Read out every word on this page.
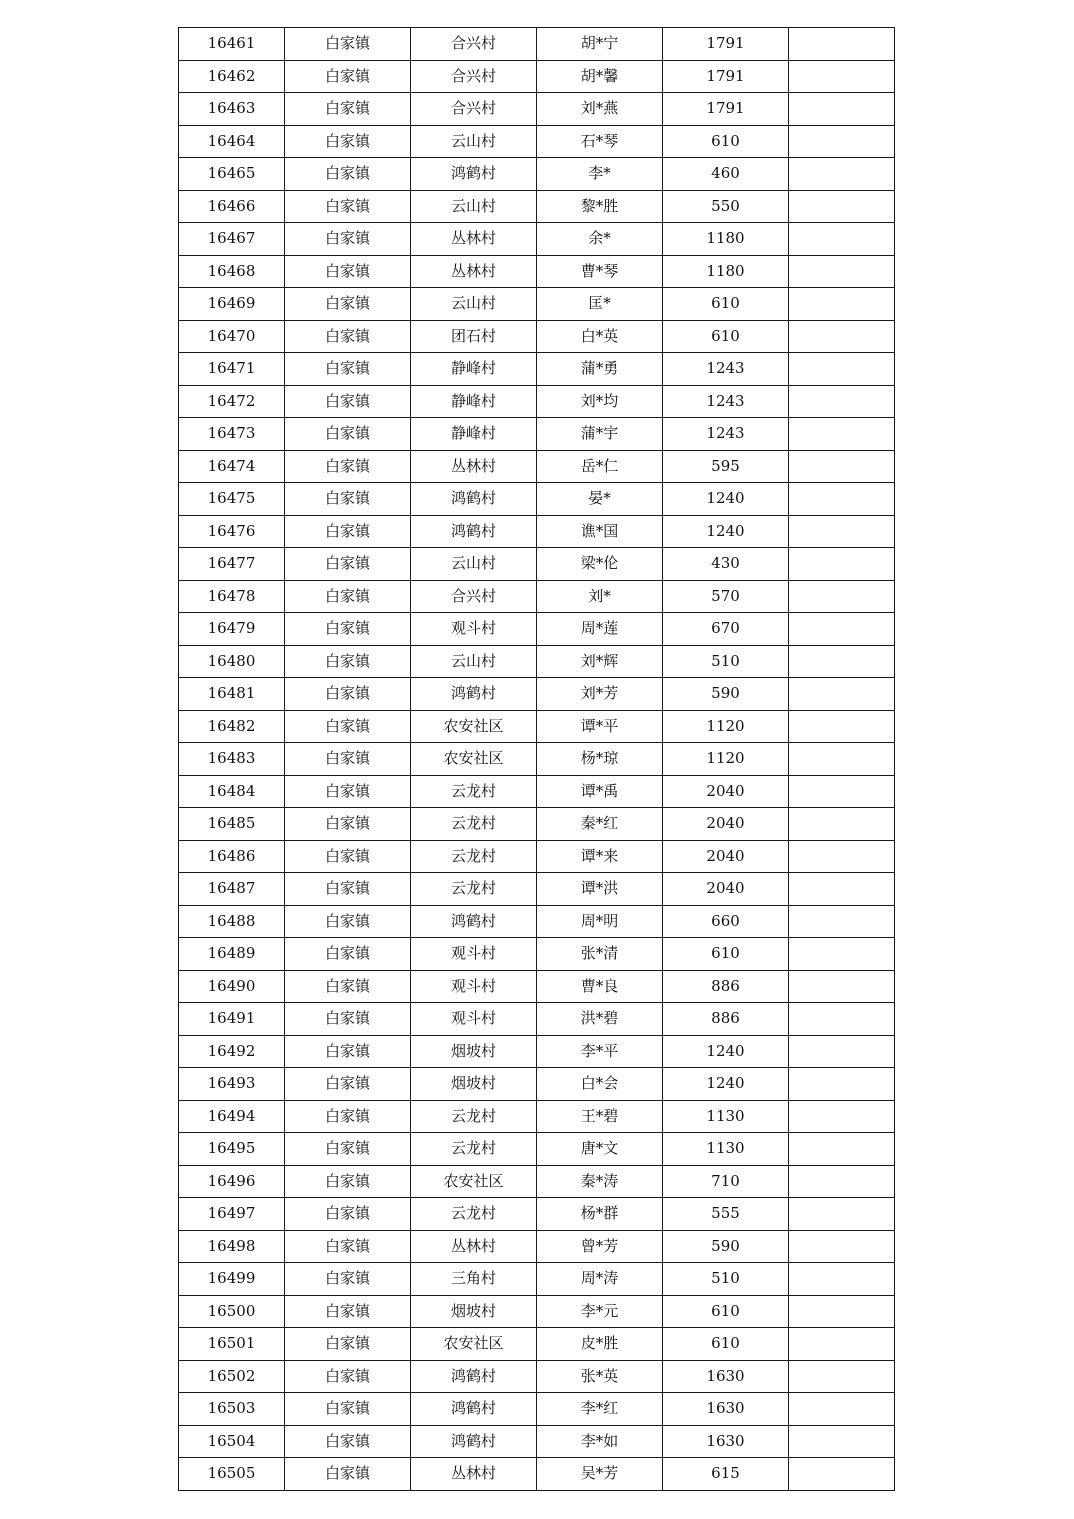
16461	白家镇	合兴村	胡*宁	1791	
16462	白家镇	合兴村	胡*馨	1791	
16463	白家镇	合兴村	刘*燕	1791	
16464	白家镇	云山村	石*琴	610	
16465	白家镇	鸿鹤村	李*	460	
16466	白家镇	云山村	黎*胜	550	
16467	白家镇	丛林村	余*	1180	
16468	白家镇	丛林村	曹*琴	1180	
16469	白家镇	云山村	匡*	610	
16470	白家镇	团石村	白*英	610	
16471	白家镇	静峰村	蒲*勇	1243	
16472	白家镇	静峰村	刘*均	1243	
16473	白家镇	静峰村	蒲*宇	1243	
16474	白家镇	丛林村	岳*仁	595	
16475	白家镇	鸿鹤村	晏*	1240	
16476	白家镇	鸿鹤村	谯*国	1240	
16477	白家镇	云山村	梁*伦	430	
16478	白家镇	合兴村	刘*	570	
16479	白家镇	观斗村	周*莲	670	
16480	白家镇	云山村	刘*辉	510	
16481	白家镇	鸿鹤村	刘*芳	590	
16482	白家镇	农安社区	谭*平	1120	
16483	白家镇	农安社区	杨*琼	1120	
16484	白家镇	云龙村	谭*禹	2040	
16485	白家镇	云龙村	秦*红	2040	
16486	白家镇	云龙村	谭*来	2040	
16487	白家镇	云龙村	谭*洪	2040	
16488	白家镇	鸿鹤村	周*明	660	
16489	白家镇	观斗村	张*清	610	
16490	白家镇	观斗村	曹*良	886	
16491	白家镇	观斗村	洪*碧	886	
16492	白家镇	烟坡村	李*平	1240	
16493	白家镇	烟坡村	白*会	1240	
16494	白家镇	云龙村	王*碧	1130	
16495	白家镇	云龙村	唐*文	1130	
16496	白家镇	农安社区	秦*涛	710	
16497	白家镇	云龙村	杨*群	555	
16498	白家镇	丛林村	曾*芳	590	
16499	白家镇	三角村	周*涛	510	
16500	白家镇	烟坡村	李*元	610	
16501	白家镇	农安社区	皮*胜	610	
16502	白家镇	鸿鹤村	张*英	1630	
16503	白家镇	鸿鹤村	李*红	1630	
16504	白家镇	鸿鹤村	李*如	1630	
16505	白家镇	丛林村	吴*芳	615	
